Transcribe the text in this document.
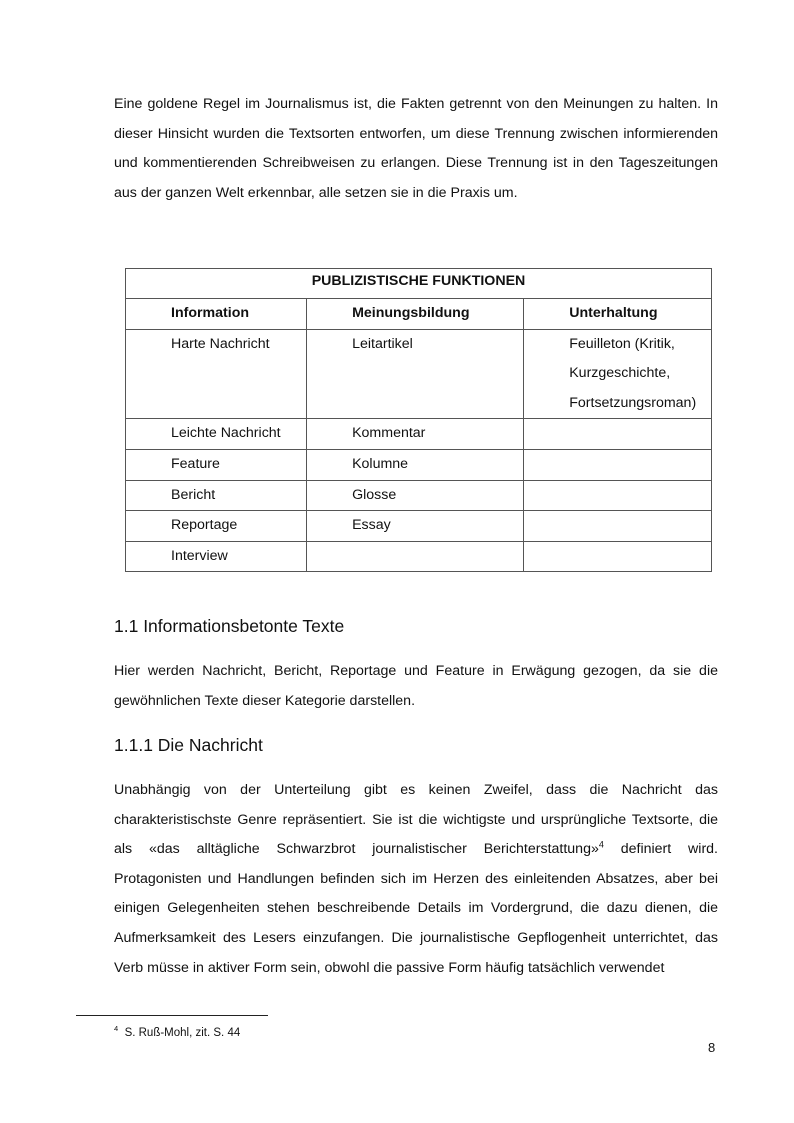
Eine goldene Regel im Journalismus ist, die Fakten getrennt von den Meinungen zu halten. In dieser Hinsicht wurden die Textsorten entworfen, um diese Trennung zwischen informierenden und kommentierenden Schreibweisen zu erlangen. Diese Trennung ist in den Tageszeitungen aus der ganzen Welt erkennbar, alle setzen sie in die Praxis um.

PUBLIZISTISCHE FUNKTIONEN		

Information	Meinungsbildung	Unterhaltung

Harte Nachricht	Leitartikel	Feuilleton (Kritik, Kurzgeschichte, Fortsetzungsroman)

Leichte Nachricht	Kommentar	

Feature	Kolumne	

Bericht	Glosse	

Reportage	Essay	

Interview		

1.1 Informationsbetonte Texte

Hier werden Nachricht, Bericht, Reportage und Feature in Erwägung gezogen, da sie die gewöhnlichen Texte dieser Kategorie darstellen.

1.1.1 Die Nachricht

Unabhängig von der Unterteilung gibt es keinen Zweifel, dass die Nachricht das charakteristischste Genre repräsentiert. Sie ist die wichtigste und ursprüngliche Textsorte, die als «das alltägliche Schwarzbrot journalistischer Berichterstattung»$^4$ definiert wird. Protagonisten und Handlungen befinden sich im Herzen des einleitenden Absatzes, aber bei einigen Gelegenheiten stehen beschreibende Details im Vordergrund, die dazu dienen, die Aufmerksamkeit des Lesers einzufangen. Die journalistische Gepflogenheit unterrichtet, das Verb müsse in aktiver Form sein, obwohl die passive Form häufig tatsächlich verwendet

$^4$ S. Ruß-Mohl, zit. S. 44
8
